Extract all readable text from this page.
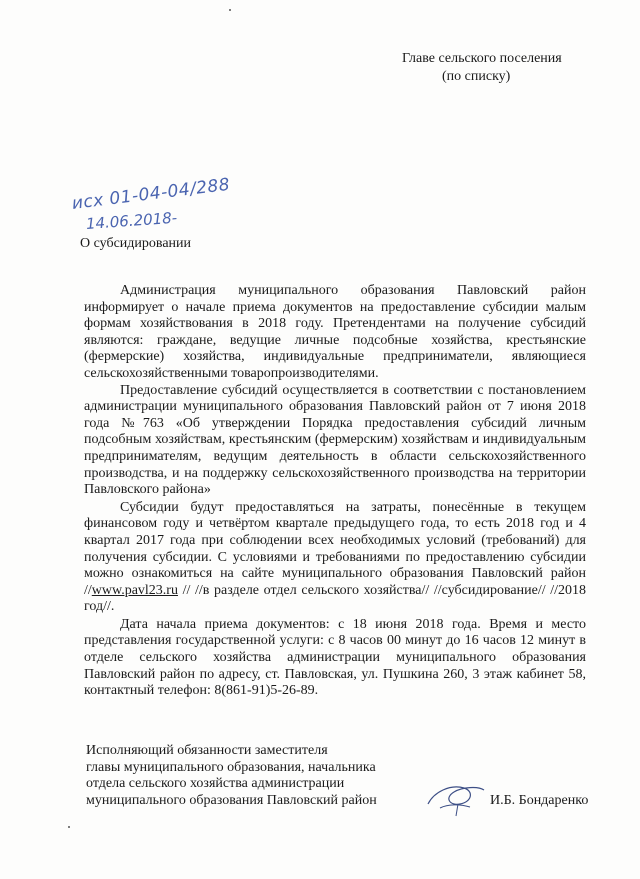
Главе сельского поселения
(по списку)
исх 01-04-04/288
14.06.2018-
О субсидировании

Администрация муниципального образования Павловский район информирует о начале приема документов на предоставление субсидии малым формам хозяйствования в 2018 году. Претендентами на получение субсидий являются: граждане, ведущие личные подсобные хозяйства, крестьянские (фермерские) хозяйства, индивидуальные предприниматели, являющиеся сельскохозяйственными товаропроизводителями.

Предоставление субсидий осуществляется в соответствии с постановлением администрации муниципального образования Павловский район от 7 июня 2018 года №763 «Об утверждении Порядка предоставления субсидий личным подсобным хозяйствам, крестьянским (фермерским) хозяйствам и индивидуальным предпринимателям, ведущим деятельность в области сельскохозяйственного производства, и на поддержку сельскохозяйственного производства на территории Павловского района»

Субсидии будут предоставляться на затраты, понесённые в текущем финансовом году и четвёртом квартале предыдущего года, то есть 2018 год и 4 квартал 2017 года при соблюдении всех необходимых условий (требований) для получения субсидии. С условиями и требованиями по предоставлению субсидии можно ознакомиться на сайте муниципального образования Павловский район //www.pavl23.ru // //в разделе отдел сельского хозяйства// //субсидирование// //2018 год//.

Дата начала приема документов: с 18 июня 2018 года. Время и место представления государственной услуги: с 8 часов 00 минут до 16 часов 12 минут в отделе сельского хозяйства администрации муниципального образования Павловский район по адресу, ст. Павловская, ул. Пушкина 260, 3 этаж кабинет 58, контактный телефон: 8(861-91)5-26-89.

Исполняющий обязанности заместителя
главы муниципального образования, начальника
отдела сельского хозяйства администрации
муниципального образования Павловский район	И.Б. Бондаренко
